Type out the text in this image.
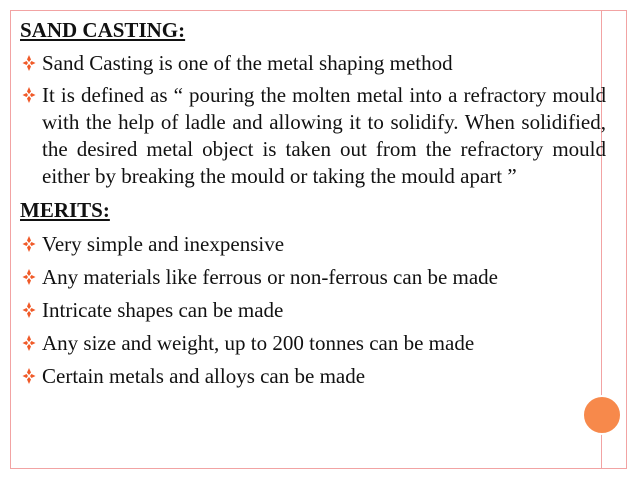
SAND CASTING:
Sand Casting is one of the metal shaping method
It is defined as “ pouring the molten metal into a refractory mould with the help of ladle and allowing it to solidify. When solidified, the desired metal object is taken out from the refractory mould either by breaking the mould or taking the mould apart ”
MERITS:
Very simple and inexpensive
Any materials like ferrous or non-ferrous can be made
Intricate shapes can be made
Any size and weight, up to 200 tonnes can be made
Certain metals and alloys can be made
